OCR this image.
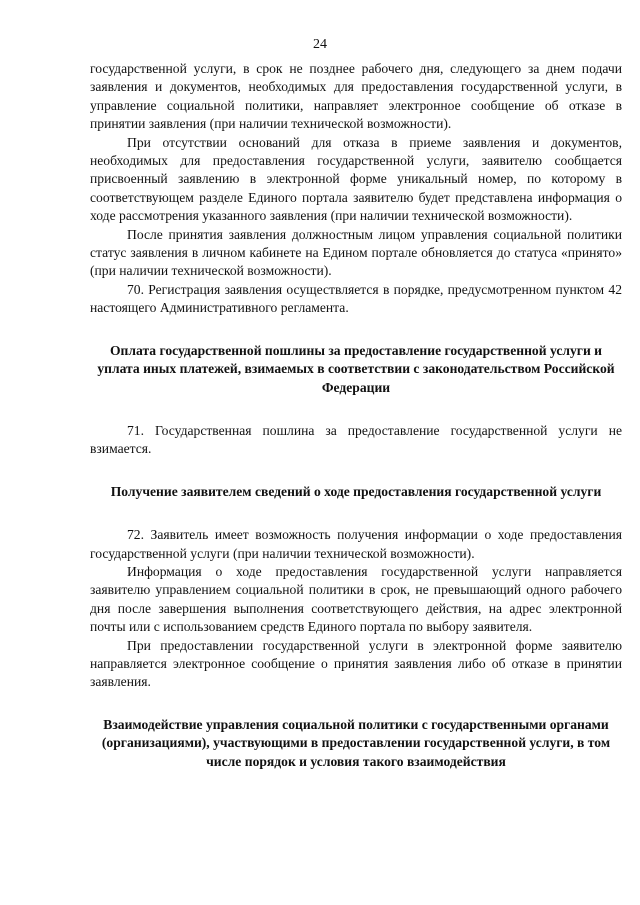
24

государственной услуги, в срок не позднее рабочего дня, следующего за днем подачи заявления и документов, необходимых для предоставления государственной услуги, в управление социальной политики, направляет электронное сообщение об отказе в принятии заявления (при наличии технической возможности).

При отсутствии оснований для отказа в приеме заявления и документов, необходимых для предоставления государственной услуги, заявителю сообщается присвоенный заявлению в электронной форме уникальный номер, по которому в соответствующем разделе Единого портала заявителю будет представлена информация о ходе рассмотрения указанного заявления (при наличии технической возможности).

После принятия заявления должностным лицом управления социальной политики статус заявления в личном кабинете на Едином портале обновляется до статуса «принято» (при наличии технической возможности).

70. Регистрация заявления осуществляется в порядке, предусмотренном пунктом 42 настоящего Административного регламента.

Оплата государственной пошлины за предоставление государственной услуги и уплата иных платежей, взимаемых в соответствии с законодательством Российской Федерации

71. Государственная пошлина за предоставление государственной услуги не взимается.

Получение заявителем сведений о ходе предоставления государственной услуги

72. Заявитель имеет возможность получения информации о ходе предоставления государственной услуги (при наличии технической возможности).

Информация о ходе предоставления государственной услуги направляется заявителю управлением социальной политики в срок, не превышающий одного рабочего дня после завершения выполнения соответствующего действия, на адрес электронной почты или с использованием средств Единого портала по выбору заявителя.

При предоставлении государственной услуги в электронной форме заявителю направляется электронное сообщение о принятия заявления либо об отказе в принятии заявления.

Взаимодействие управления социальной политики с государственными органами (организациями), участвующими в предоставлении государственной услуги, в том числе порядок и условия такого взаимодействия
